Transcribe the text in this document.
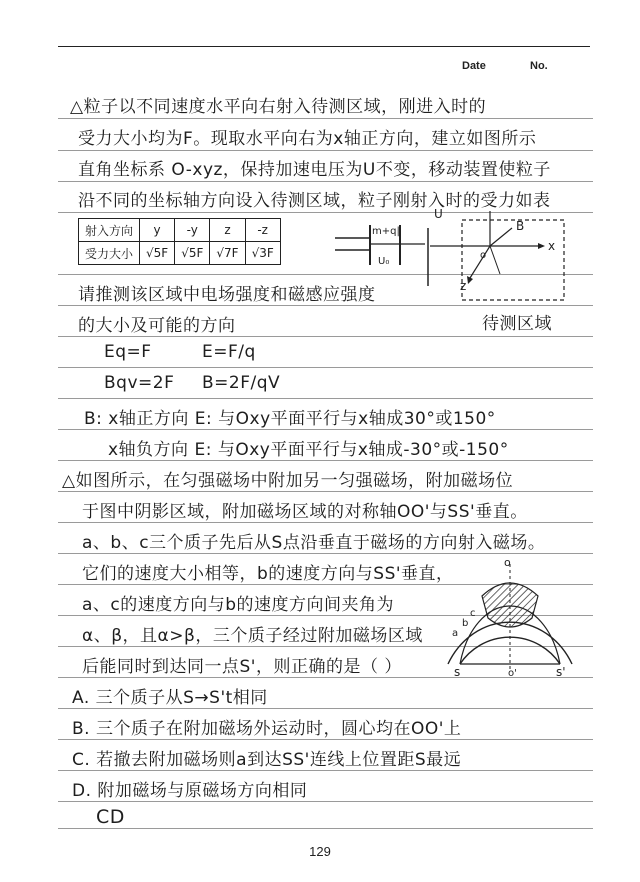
Date	No.
△粒子以不同速度水平向右射入待测区域，刚进入时的
受力大小均为F。现取水平向右为x轴正方向，建立如图所示
直角坐标系 O-xyz，保持加速电压为U不变，移动装置使粒子
沿不同的坐标轴方向设入待测区域，粒子刚射入时的受力如表
射入方向	y	-y	z	-z
受力大小	√5F	√5F	√7F	√3F
m+q|
U₀
U
B
x
z
o
请推测该区域中电场强度和磁感应强度
的大小及可能的方向	待测区域
Eq=F	E=F/q
Bqv=2F B=2F/qV
B: x轴正方向 E: 与Oxy平面平行与x轴成30°或150°
x轴负方向 E: 与Oxy平面平行与x轴成-30°或-150°
△如图所示，在匀强磁场中附加另一匀强磁场，附加磁场位
于图中阴影区域，附加磁场区域的对称轴OO'与SS'垂直。
a、b、c三个质子先后从S点沿垂直于磁场的方向射入磁场。
它们的速度大小相等，b的速度方向与SS'垂直，
a、c的速度方向与b的速度方向间夹角为
α、β，且α>β，三个质子经过附加磁场区域
后能同时到达同一点S'，则正确的是（ ）
o
o'
s	s'
a
b
c
A. 三个质子从S→S't相同
B. 三个质子在附加磁场外运动时，圆心均在OO'上
C. 若撤去附加磁场则a到达SS'连线上位置距S最远
D. 附加磁场与原磁场方向相同
CD
129
